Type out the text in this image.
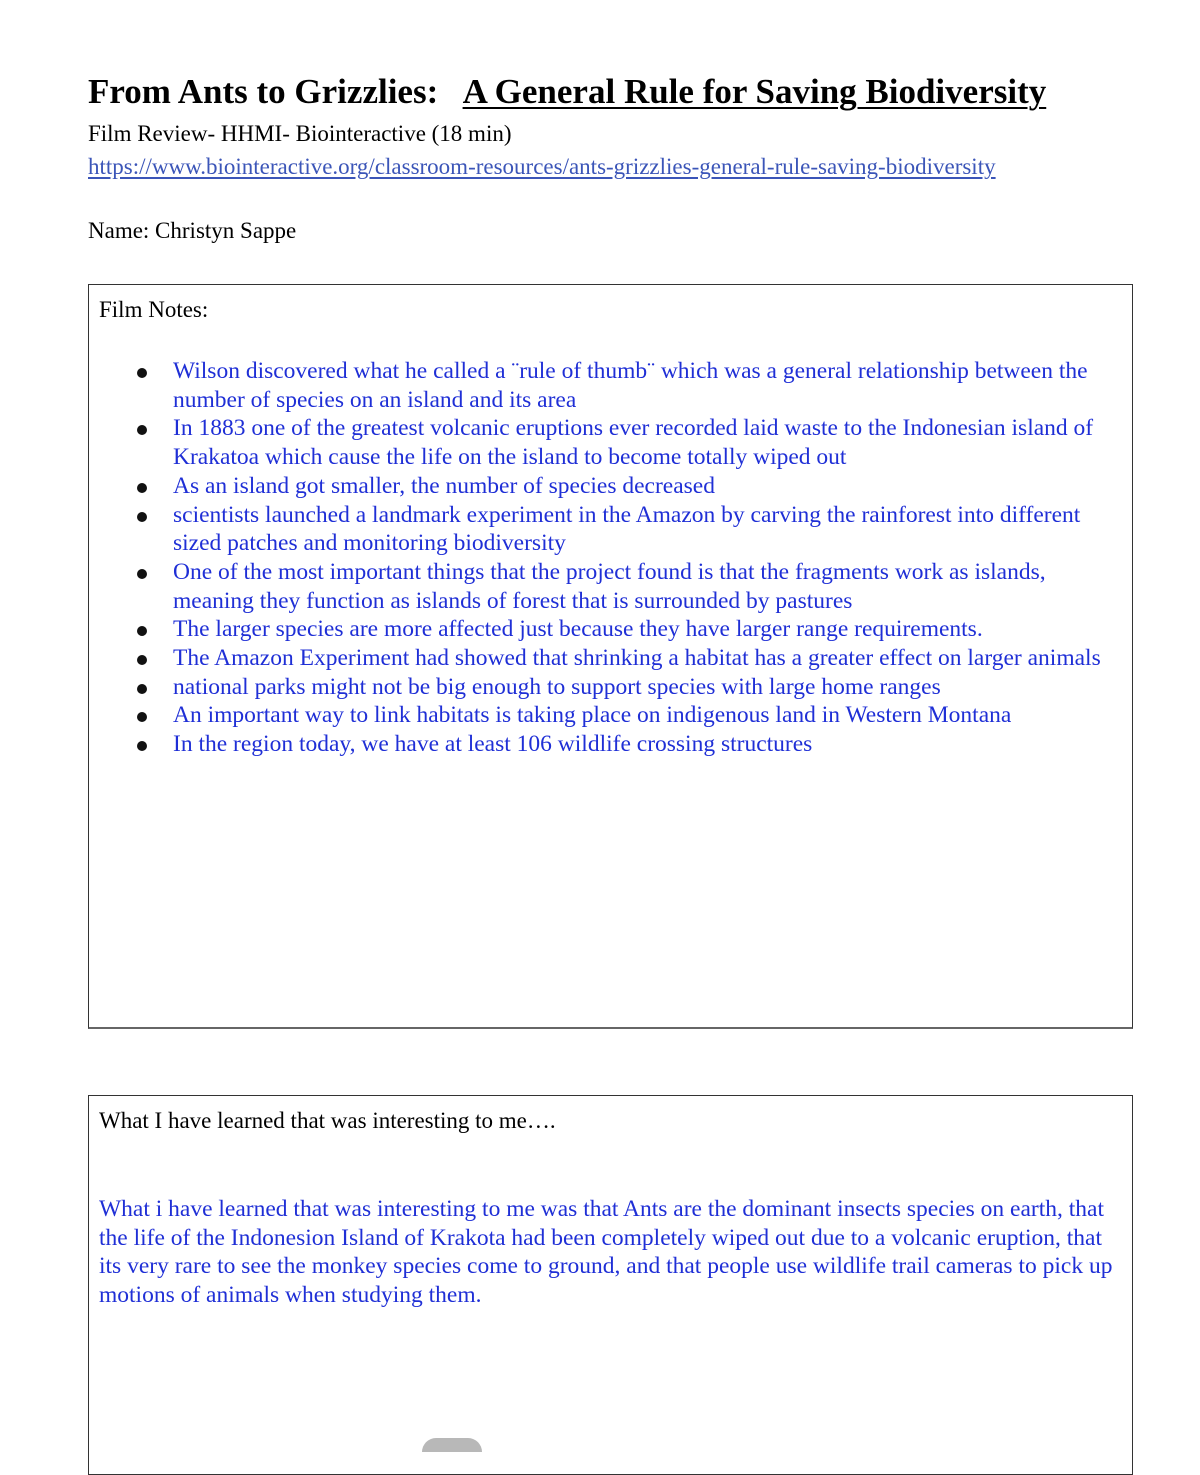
From Ants to Grizzlies: A General Rule for Saving Biodiversity
Film Review- HHMI- Biointeractive (18 min)
https://www.biointeractive.org/classroom-resources/ants-grizzlies-general-rule-saving-biodiversity
Name: Christyn Sappe
Film Notes:
Wilson discovered what he called a ¨rule of thumb¨ which was a general relationship between the number of species on an island and its area
In 1883 one of the greatest volcanic eruptions ever recorded laid waste to the Indonesian island of Krakatoa which cause the life on the island to become totally wiped out
As an island got smaller, the number of species decreased
scientists launched a landmark experiment in the Amazon by carving the rainforest into different sized patches and monitoring biodiversity
One of the most important things that the project found is that the fragments work as islands, meaning they function as islands of forest that is surrounded by pastures
The larger species are more affected just because they have larger range requirements.
The Amazon Experiment had showed that shrinking a habitat has a greater effect on larger animals
national parks might not be big enough to support species with large home ranges
An important way to link habitats is taking place on indigenous land in Western Montana
In the region today, we have at least 106 wildlife crossing structures
What I have learned that was interesting to me….
What i have learned that was interesting to me was that Ants are the dominant insects species on earth, that the life of the Indonesion Island of Krakota had been completely wiped out due to a volcanic eruption, that its very rare to see the monkey species come to ground, and that people use wildlife trail cameras to pick up motions of animals when studying them.
